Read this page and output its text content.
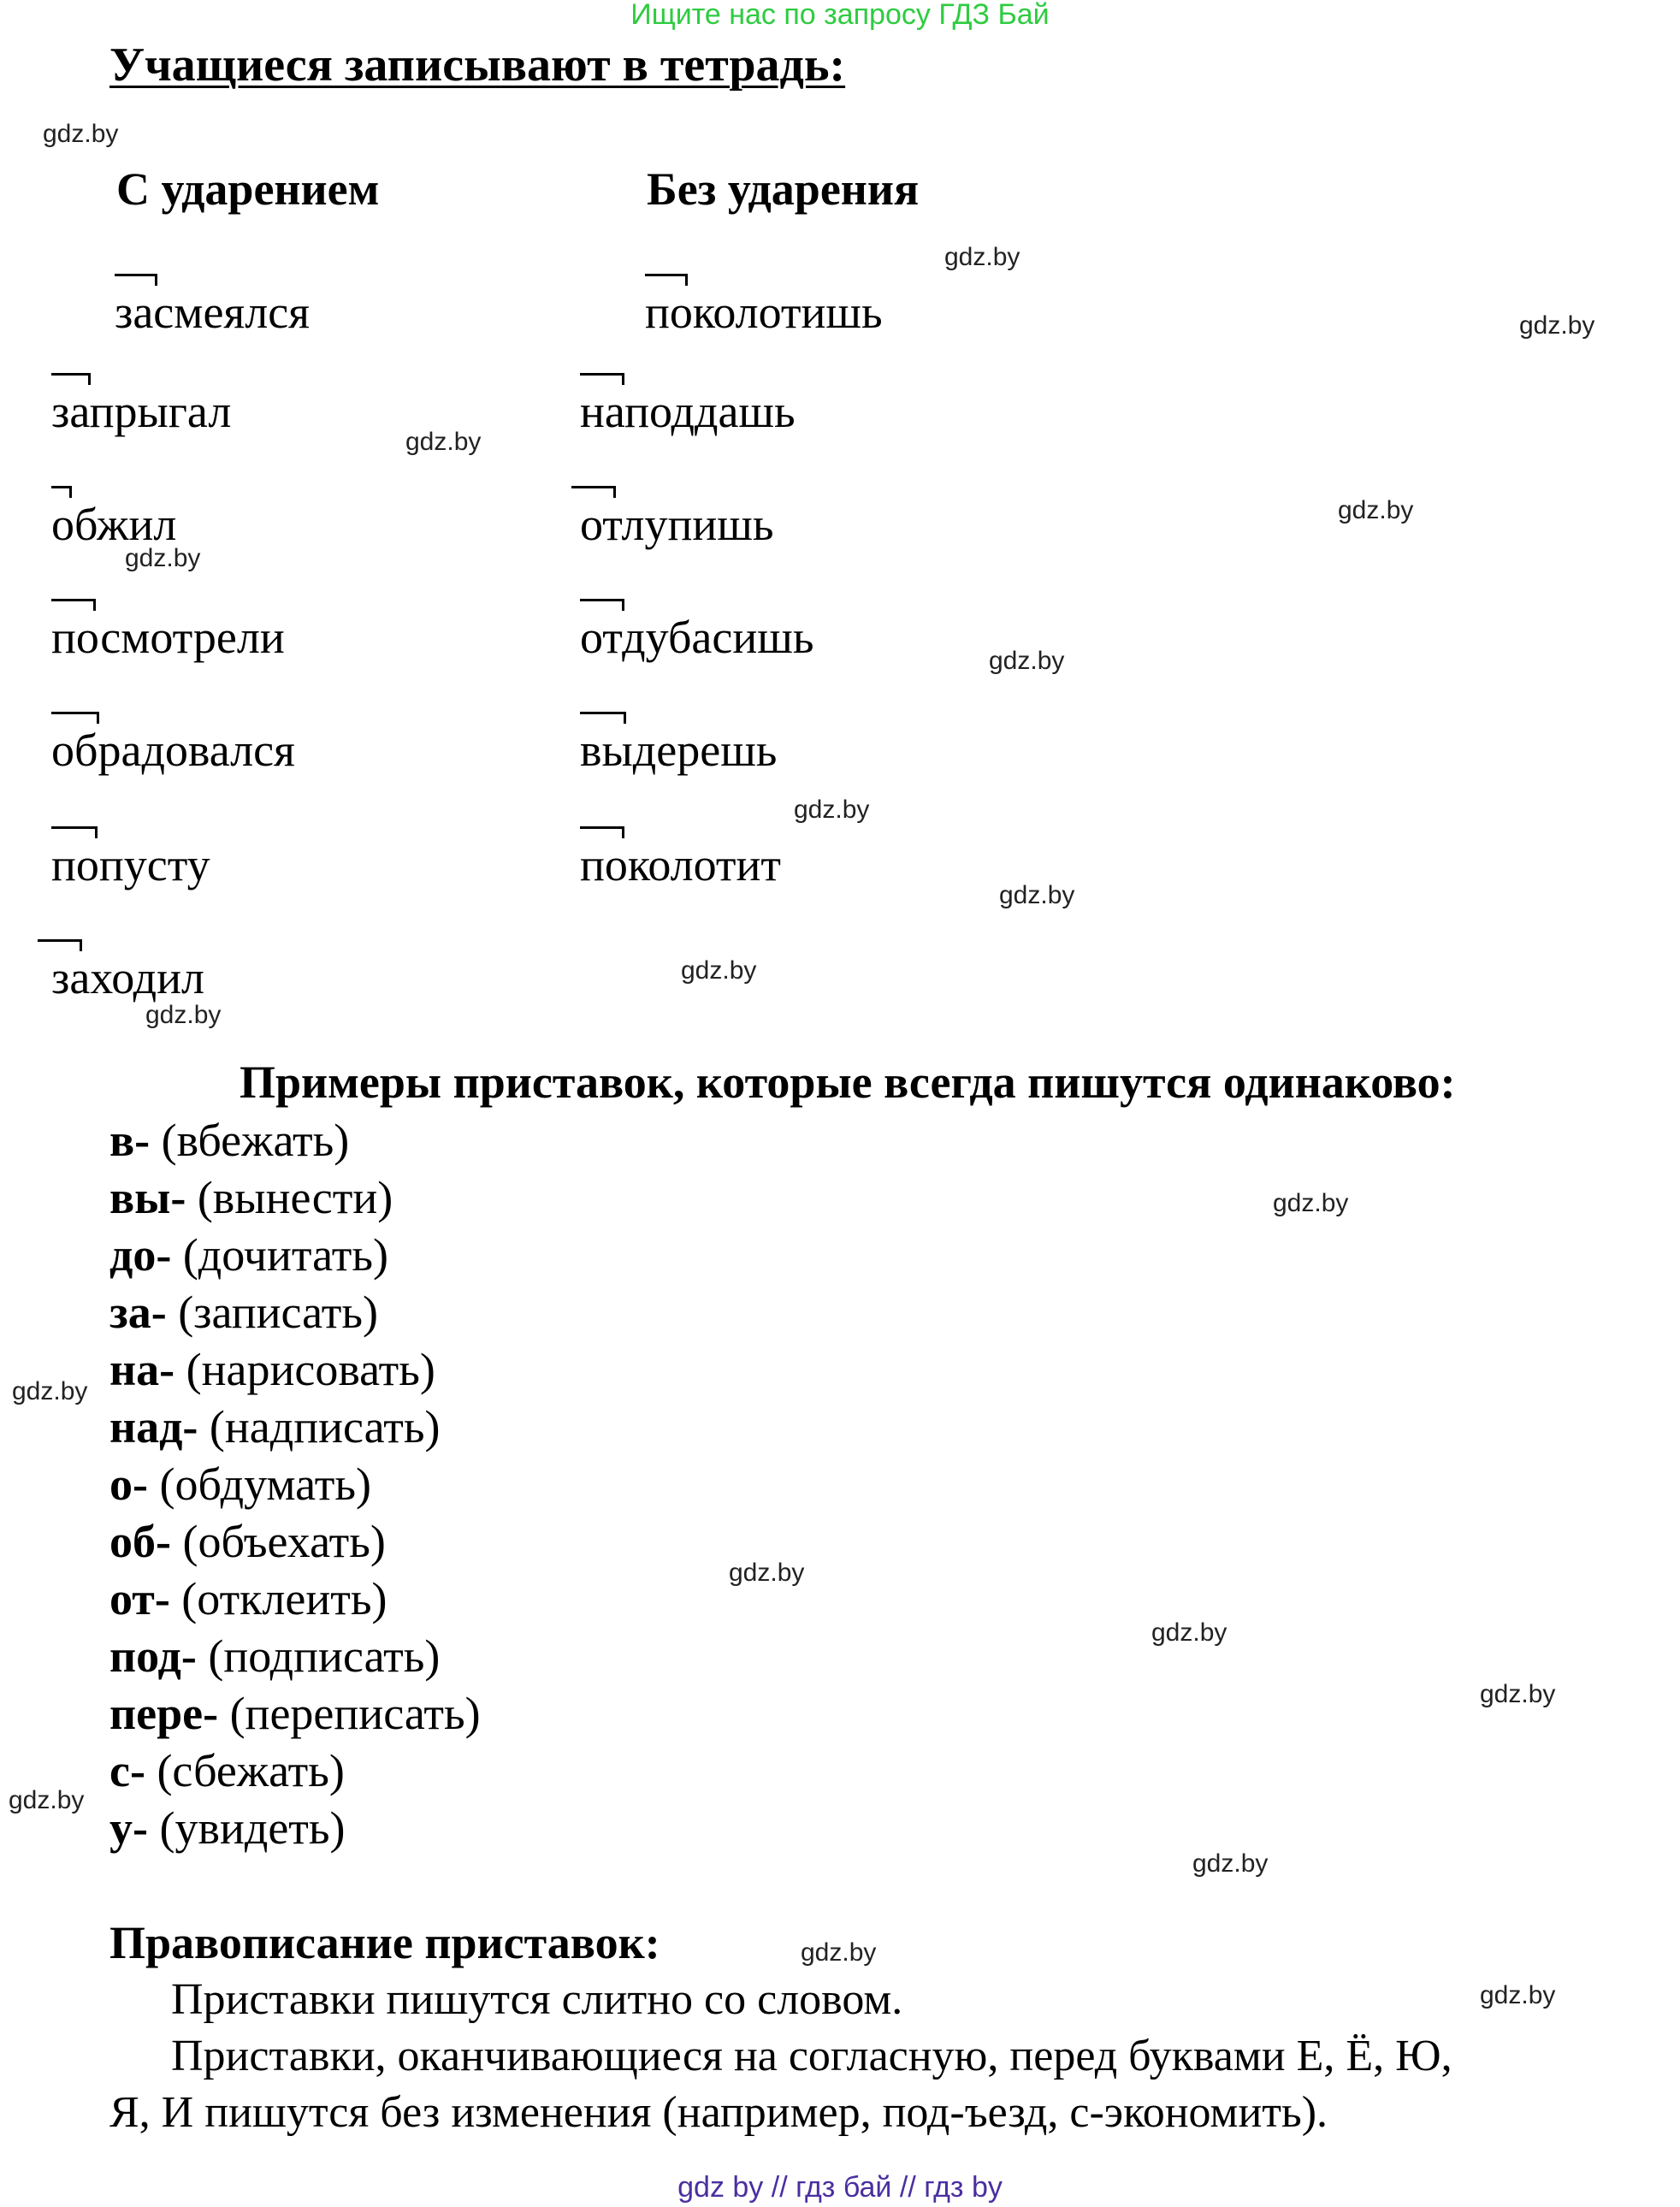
Ищите нас по запросу ГДЗ Бай
Учащиеся записывают в тетрадь:
С ударением	Без ударения
засмеялся
запрыгал
обжил
посмотрели
обрадовался
попусту
заходил
поколотишь
наподдашь
отлупишь
отдубасишь
выдерешь
поколотит
Примеры приставок, которые всегда пишутся одинаково:
в- (вбежать)
вы- (вынести)
до- (дочитать)
за- (записать)
на- (нарисовать)
над- (надписать)
о- (обдумать)
об- (объехать)
от- (отклеить)
под- (подписать)
пере- (переписать)
с- (сбежать)
у- (увидеть)
Правописание приставок:
Приставки пишутся слитно со словом.
Приставки, оканчивающиеся на согласную, перед буквами Е, Ё, Ю,
Я, И пишутся без изменения (например, под-ъезд, с-экономить).
gdz.by
gdz.by
gdz.by
gdz.by
gdz.by
gdz.by
gdz.by
gdz.by
gdz.by
gdz.by
gdz.by
gdz.by
gdz.by
gdz.by
gdz.by
gdz.by
gdz.by
gdz.by
gdz.by
gdz.by
gdz by // гдз бай // гдз by
